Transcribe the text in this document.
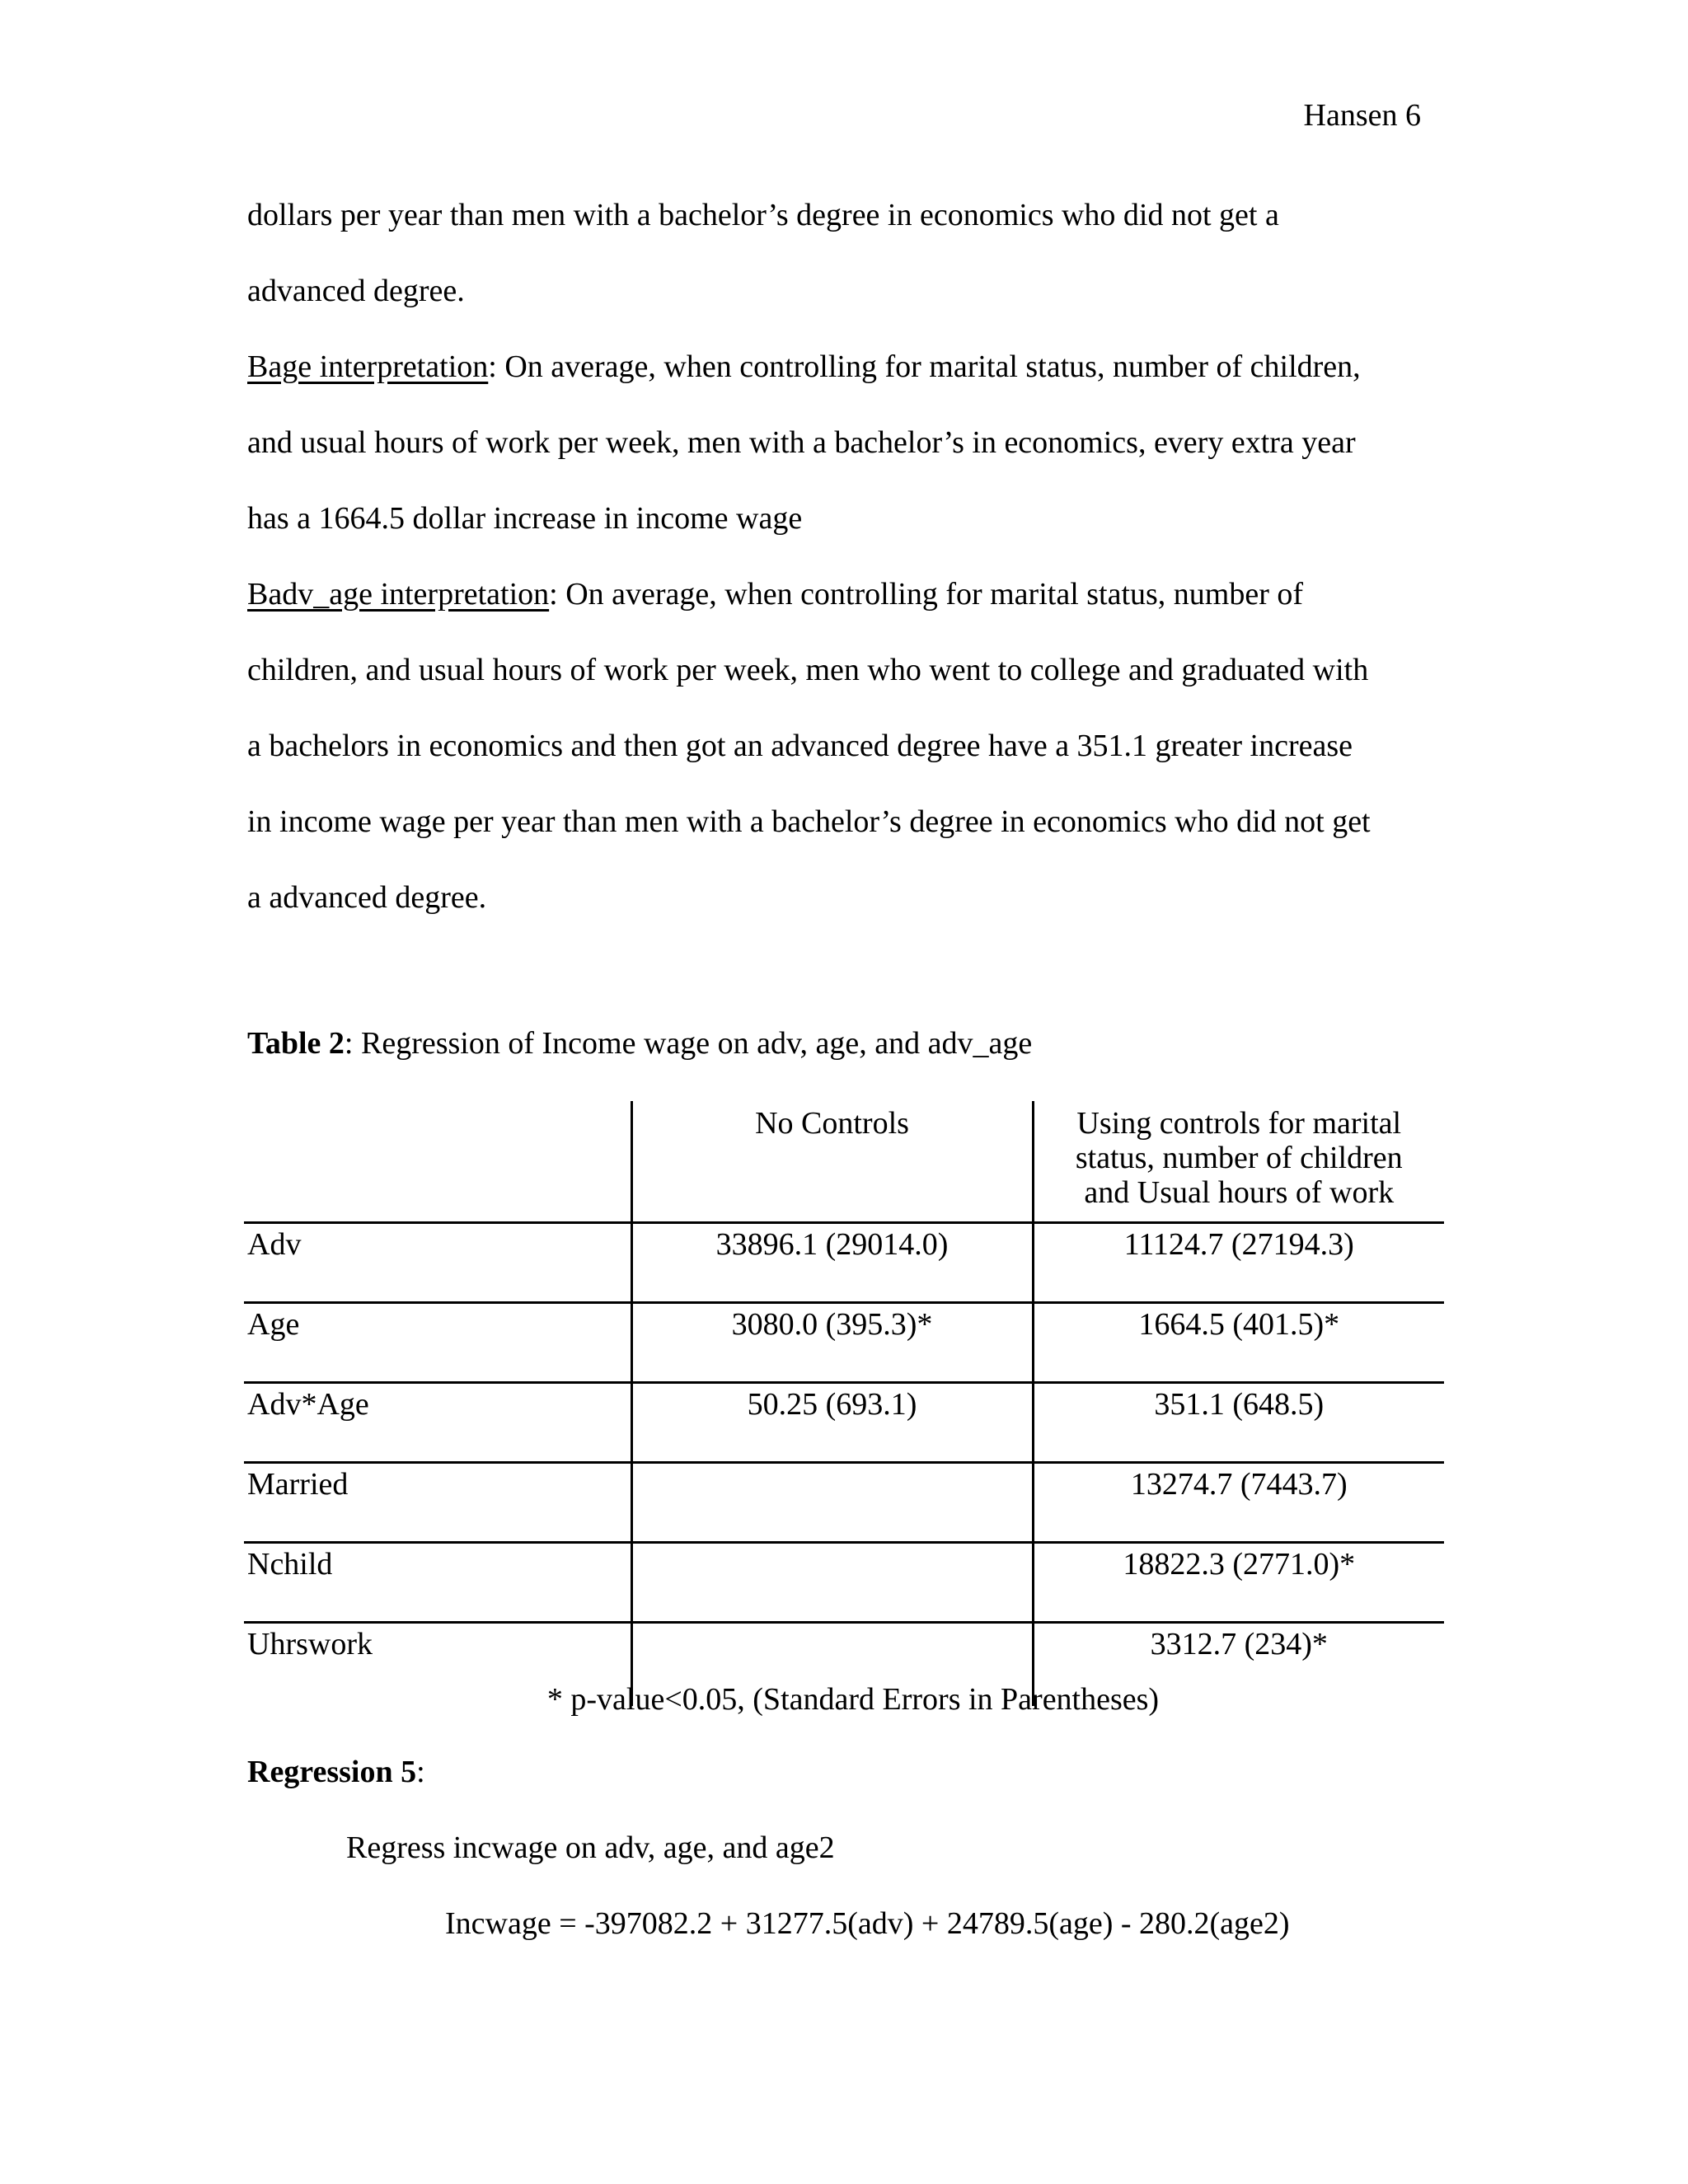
Hansen 6
dollars per year than men with a bachelor’s degree in economics who did not get a
advanced degree.
Bage interpretation: On average, when controlling for marital status, number of children,
and usual hours of work per week, men with a bachelor’s in economics, every extra year
has a 1664.5 dollar increase in income wage
Badv_age interpretation: On average, when controlling for marital status, number of
children, and usual hours of work per week, men who went to college and graduated with
a bachelors in economics and then got an advanced degree have a 351.1 greater increase
in income wage per year than men with a bachelor’s degree in economics who did not get
a advanced degree.
Table 2: Regression of Income wage on adv, age, and adv_age
	No Controls	Using controls for marital status, number of children and Usual hours of work
Adv	33896.1 (29014.0)	11124.7 (27194.3)
Age	3080.0 (395.3)*	1664.5 (401.5)*
Adv*Age	50.25 (693.1)	351.1 (648.5)
Married		13274.7 (7443.7)
Nchild		18822.3 (2771.0)*
Uhrswork		3312.7 (234)*
* p-value<0.05, (Standard Errors in Parentheses)
Regression 5:
Regress incwage on adv, age, and age2
Incwage = -397082.2 + 31277.5(adv) + 24789.5(age) - 280.2(age2)
